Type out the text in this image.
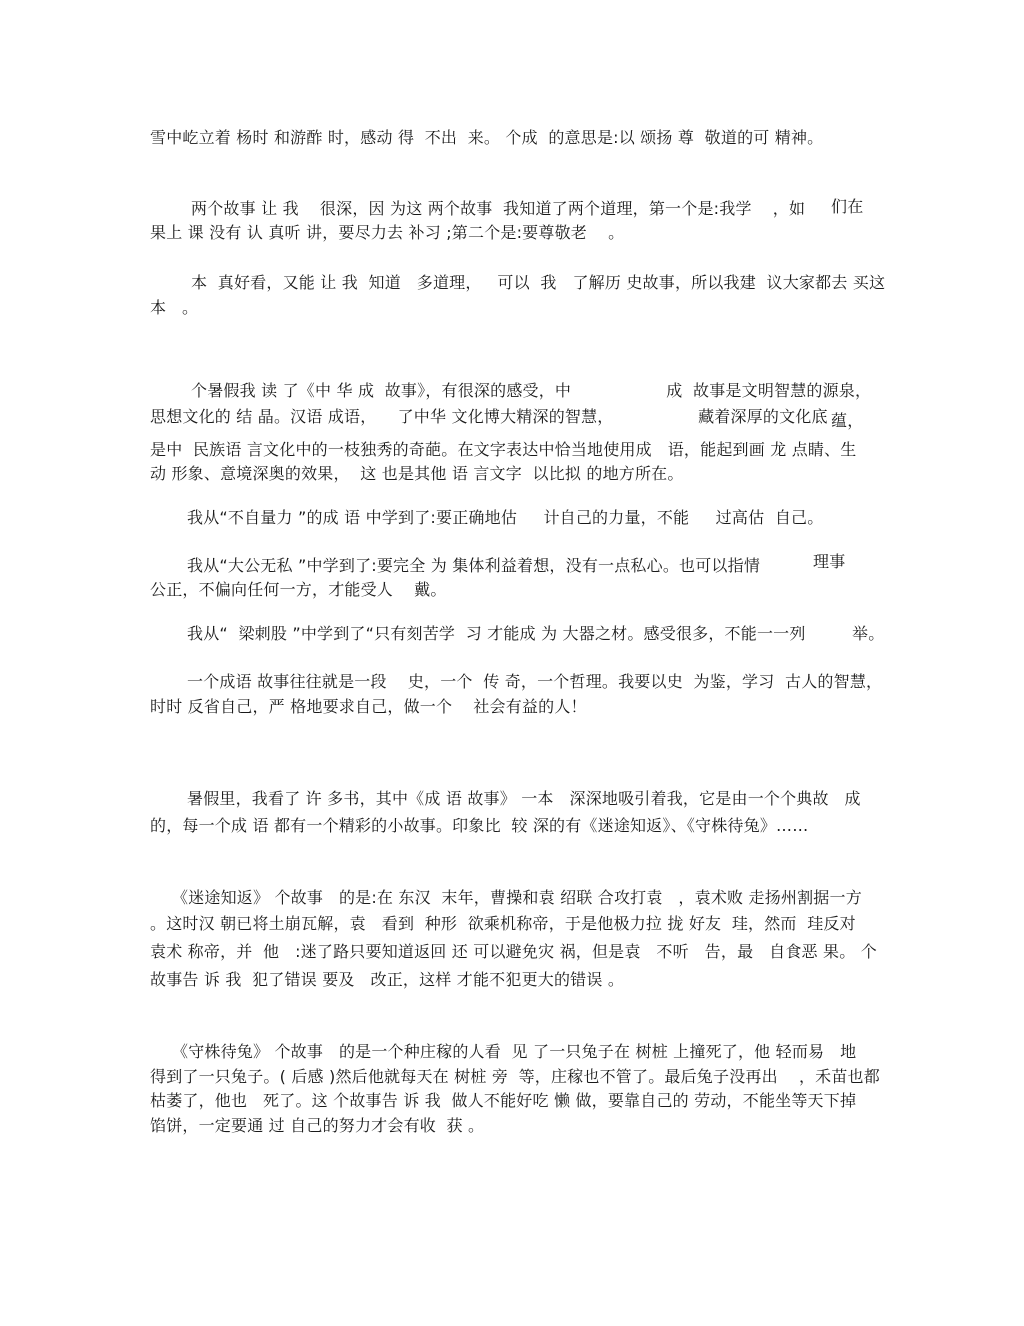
雪中屹立着 杨时 和游酢 时，感动 得  不出  来。 个成  的意思是:以 颂扬 尊  敬道的可 精神。
两个故事 让 我    很深，因 为这 两个故事  我知道了两个道理，第一个是:我学    ，如 们在
果上 课 没有 认 真听 讲，要尽力去 补习 ;第二个是:要尊敬老    。
本  真好看，又能 让 我  知道   多道理，   可以  我   了解历 史故事，所以我建  议大家都去 买这
本   。
个暑假我 读 了《中 华 成  故事》，有很深的感受，中                  成  故事是文明智慧的源泉，
思想文化的 结 晶。汉语 成语，    了中华 文化博大精深的智慧，                藏着深厚的文化底 蕴，
是中  民族语 言文化中的一枝独秀的奇葩。在文字表达中恰当地使用成   语，能起到画 龙 点睛、生
动 形象、意境深奥的效果，  这 也是其他 语 言文字  以比拟 的地方所在。
我从“不自量力 ”的成 语 中学到了:要正确地估     计自己的力量，不能     过高估  自己。
我从“大公无私 ”中学到了:要完全 为 集体利益着想，没有一点私心。也可以指情	理事
公正，不偏向任何一方，才能受人    戴。
我从“  梁刺股 ”中学到了“只有刻苦学  习 才能成 为 大器之材。感受很多，不能一一列	举。
一个成语 故事往往就是一段    史，一个  传 奇，一个哲理。我要以史  为鉴，学习  古人的智慧，
时时 反省自己，严 格地要求自己，做一个    社会有益的人！
暑假里，我看了 许 多书，其中《成 语 故事》 一本   深深地吸引着我，它是由一个个典故   成
的，每一个成 语 都有一个精彩的小故事。印象比  较 深的有《迷途知返》、《守株待兔》……
《迷途知返》 个故事   的是:在 东汉  末年，曹操和袁 绍联 合攻打袁   ，袁术败 走扬州割据一方
。这时汉 朝已将土崩瓦解，袁   看到  种形  欲乘机称帝，于是他极力拉 拢 好友  珪，然而  珪反对
袁术 称帝，并  他   :迷了路只要知道返回 还 可以避免灾 祸，但是袁   不听   告，最   自食恶 果。 个
故事告 诉 我  犯了错误 要及   改正，这样 才能不犯更大的错误 。
《守株待兔》 个故事   的是一个种庄稼的人看  见 了一只兔子在 树桩 上撞死了，他 轻而易   地
得到了一只兔子。( 后感 )然后他就每天在 树桩 旁  等，庄稼也不管了。最后兔子没再出    ，禾苗也都
枯萎了，他也   死了。这 个故事告 诉 我  做人不能好吃 懒 做，要靠自己的 劳动，不能坐等天下掉
馅饼，一定要通 过 自己的努力才会有收  获 。
